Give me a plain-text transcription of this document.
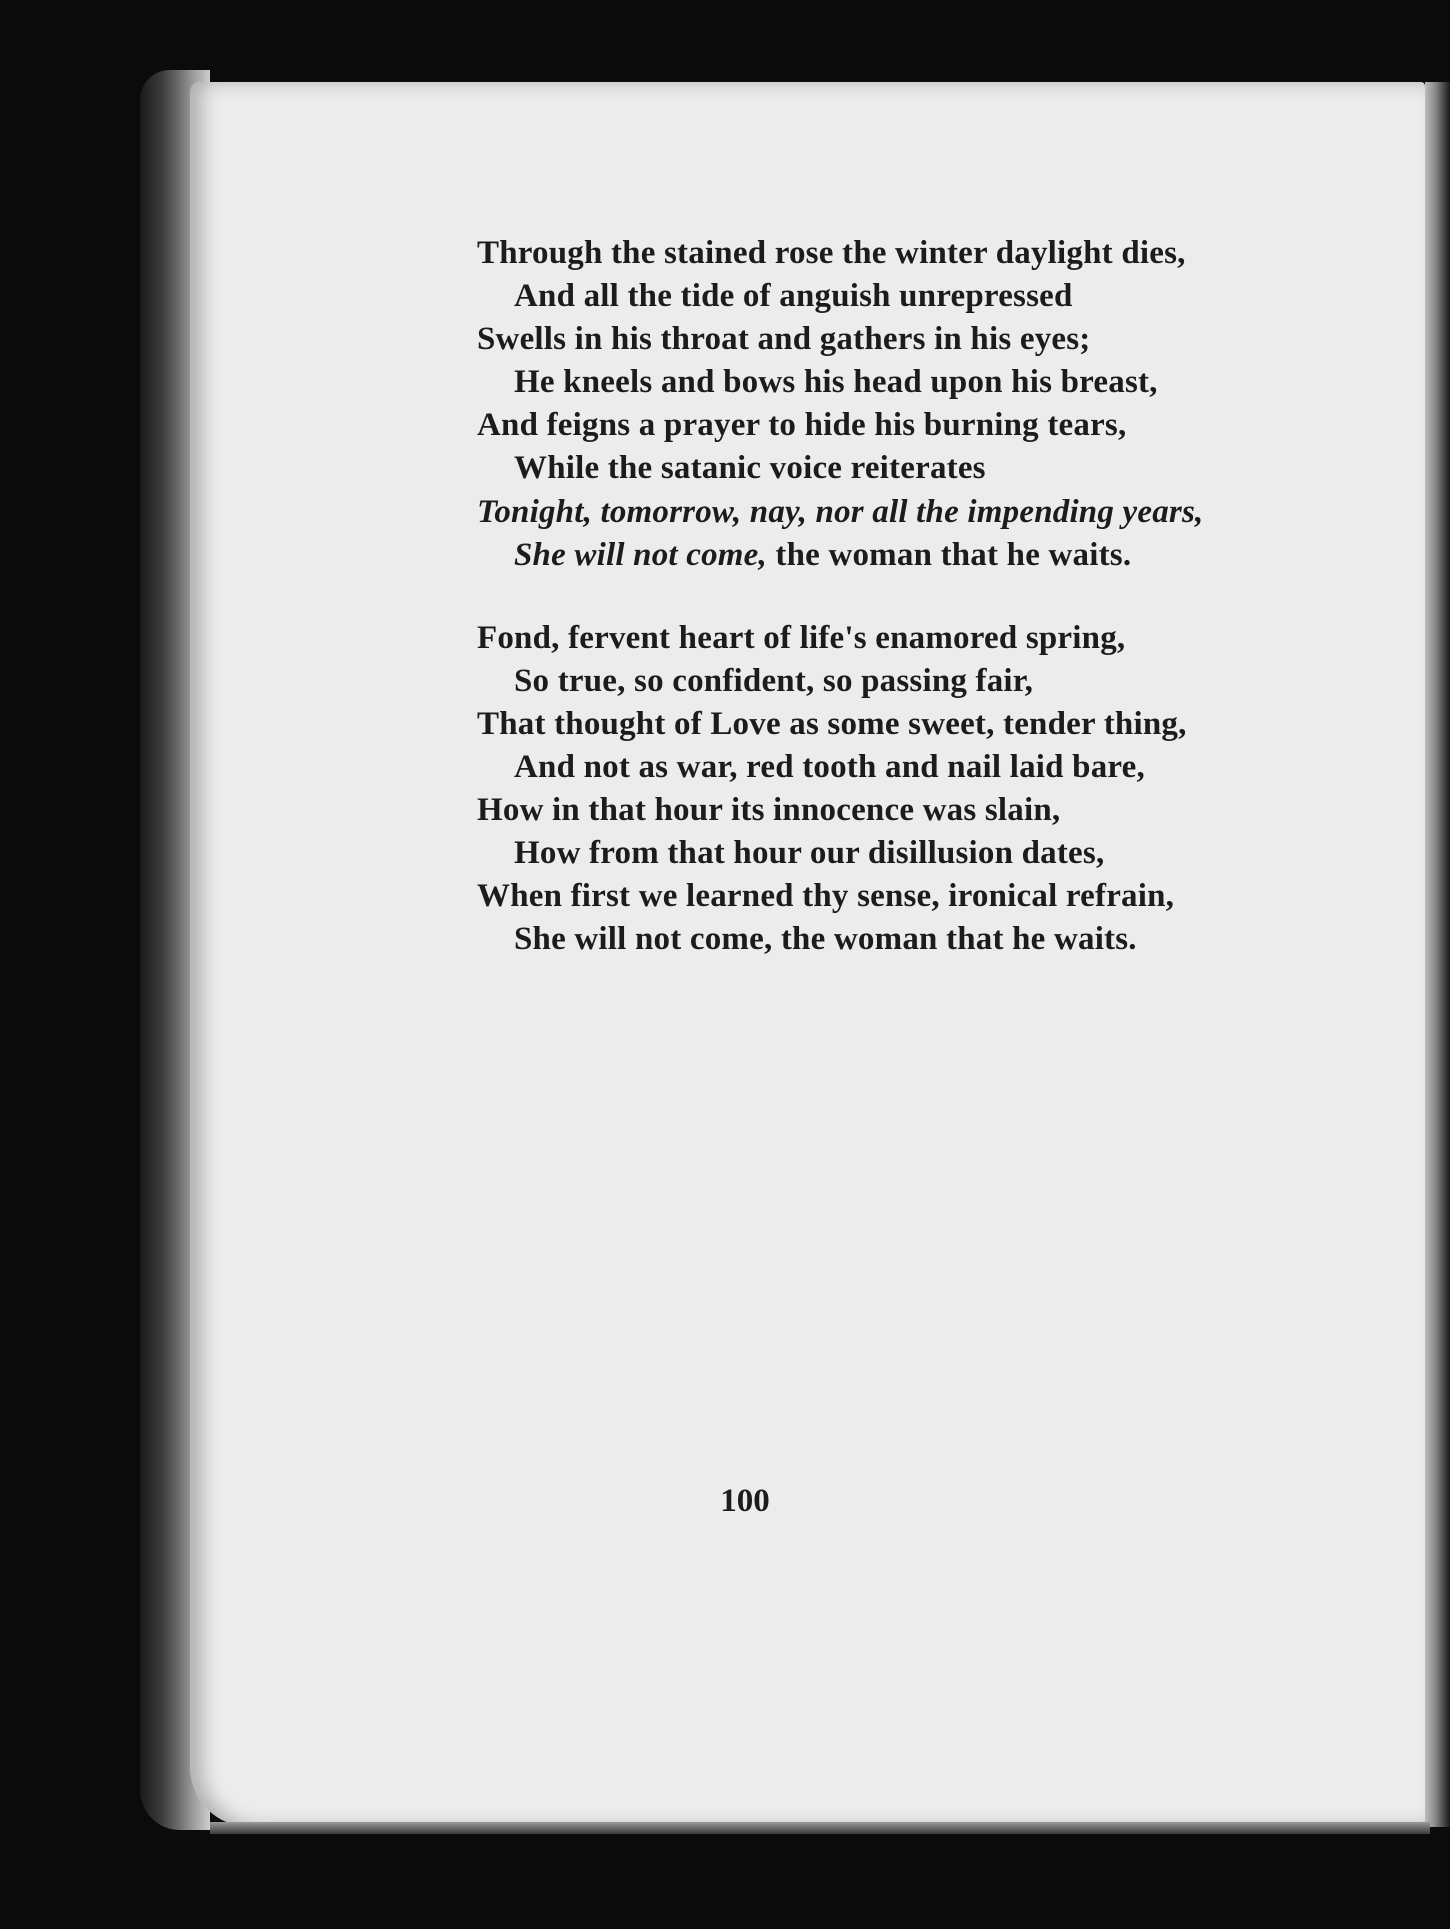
Through the stained rose the winter daylight dies,
And all the tide of anguish unrepressed
Swells in his throat and gathers in his eyes;
He kneels and bows his head upon his breast,
And feigns a prayer to hide his burning tears,
While the satanic voice reiterates
Tonight, tomorrow, nay, nor all the impending years,
She will not come, the woman that he waits.
Fond, fervent heart of life's enamored spring,
So true, so confident, so passing fair,
That thought of Love as some sweet, tender thing,
And not as war, red tooth and nail laid bare,
How in that hour its innocence was slain,
How from that hour our disillusion dates,
When first we learned thy sense, ironical refrain,
She will not come, the woman that he waits.
100
